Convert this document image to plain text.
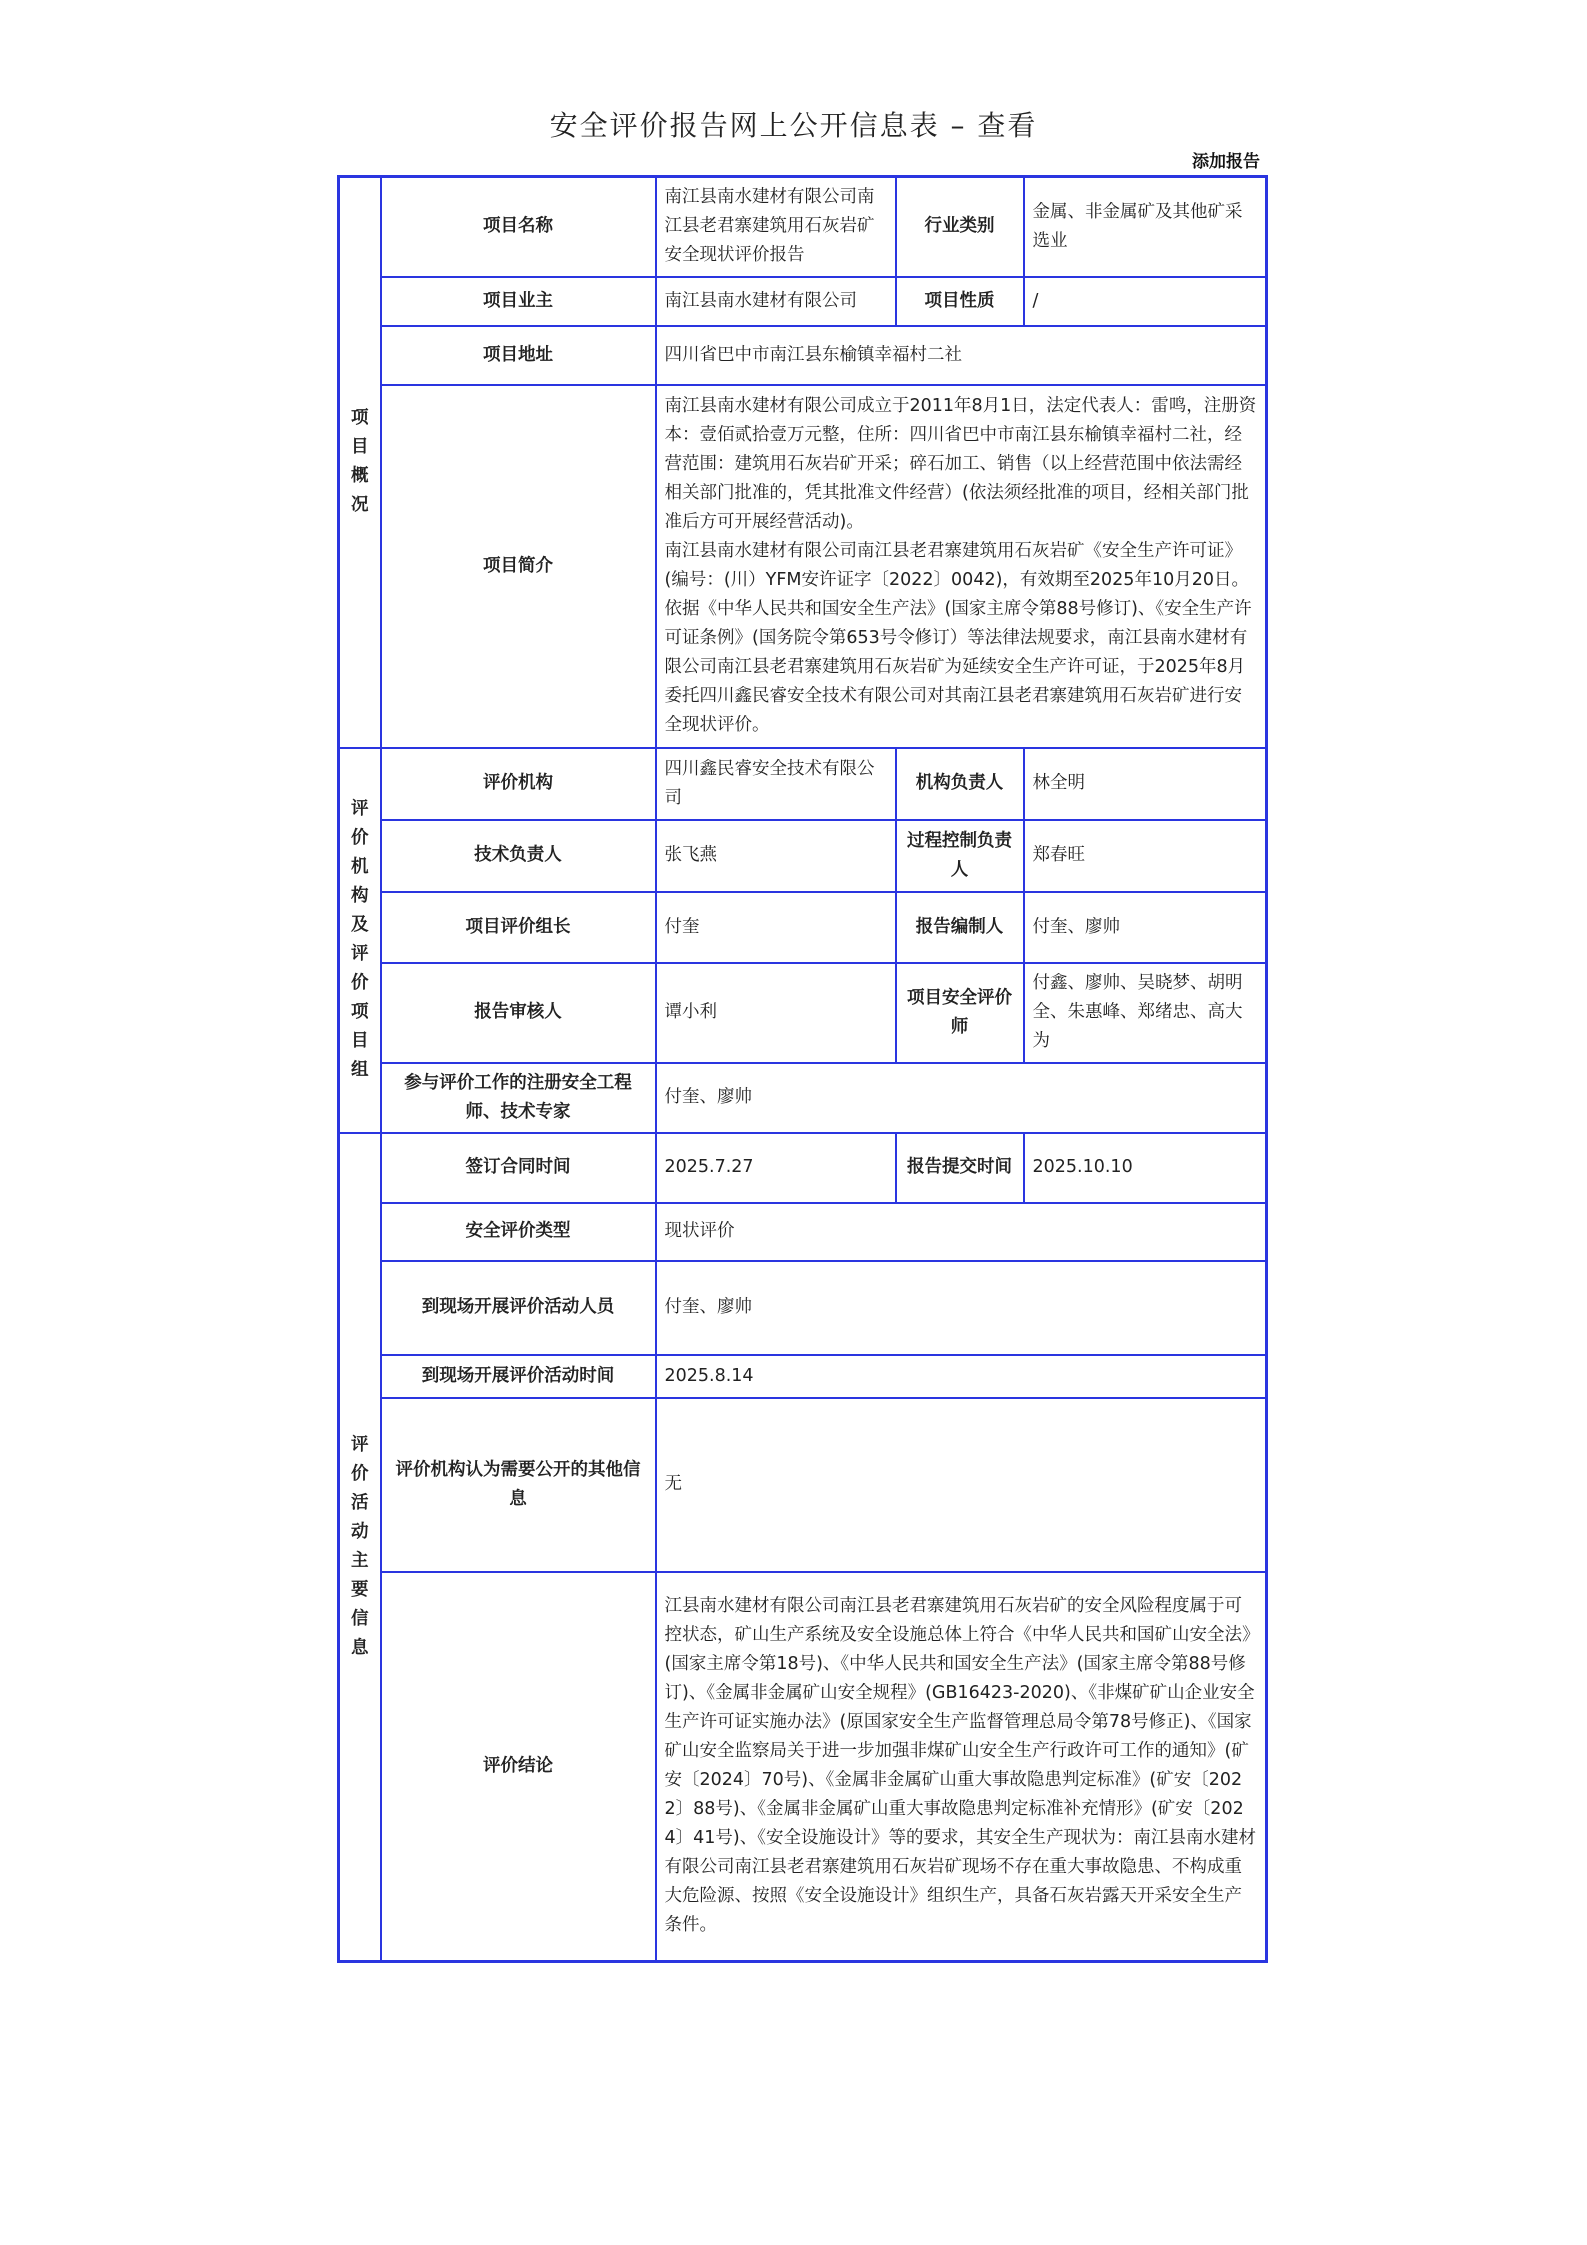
安全评价报告网上公开信息表 – 查看
添加报告
项目概况	项目名称	南江县南水建材有限公司南江县老君寨建筑用石灰岩矿安全现状评价报告	行业类别	金属、非金属矿及其他矿采选业
	项目业主	南江县南水建材有限公司	项目性质	/
	项目地址	四川省巴中市南江县东榆镇幸福村二社		
	项目简介	南江县南水建材有限公司成立于2011年8月1日，法定代表人：雷鸣，注册资本：壹佰贰拾壹万元整，住所：四川省巴中市南江县东榆镇幸福村二社，经营范围：建筑用石灰岩矿开采；碎石加工、销售（以上经营范围中依法需经相关部门批准的，凭其批准文件经营）(依法须经批准的项目，经相关部门批准后方可开展经营活动)。
南江县南水建材有限公司南江县老君寨建筑用石灰岩矿《安全生产许可证》(编号：(川）YFM安许证字〔2022〕0042)，有效期至2025年10月20日。依据《中华人民共和国安全生产法》(国家主席令第88号修订)、《安全生产许可证条例》(国务院令第653号令修订）等法律法规要求，南江县南水建材有限公司南江县老君寨建筑用石灰岩矿为延续安全生产许可证，于2025年8月委托四川鑫民睿安全技术有限公司对其南江县老君寨建筑用石灰岩矿进行安全现状评价。		

评价机构及评价项目组	评价机构	四川鑫民睿安全技术有限公司	机构负责人	林全明
	技术负责人	张飞燕	过程控制负责人	郑春旺
	项目评价组长	付奎	报告编制人	付奎、廖帅
	报告审核人	谭小利	项目安全评价师	付鑫、廖帅、吴晓梦、胡明全、朱惠峰、郑绪忠、高大为
	参与评价工作的注册安全工程师、技术专家	付奎、廖帅		

评价活动主要信息	签订合同时间	2025.7.27	报告提交时间	2025.10.10
	安全评价类型	现状评价		
	到现场开展评价活动人员	付奎、廖帅		
	到现场开展评价活动时间	2025.8.14		
	评价机构认为需要公开的其他信息	无		
	评价结论	江县南水建材有限公司南江县老君寨建筑用石灰岩矿的安全风险程度属于可控状态，矿山生产系统及安全设施总体上符合《中华人民共和国矿山安全法》(国家主席令第18号)、《中华人民共和国安全生产法》(国家主席令第88号修订)、《金属非金属矿山安全规程》(GB16423-2020)、《非煤矿矿山企业安全生产许可证实施办法》(原国家安全生产监督管理总局令第78号修正)、《国家矿山安全监察局关于进一步加强非煤矿山安全生产行政许可工作的通知》(矿安〔2024〕70号)、《金属非金属矿山重大事故隐患判定标准》(矿安〔2022〕88号)、《金属非金属矿山重大事故隐患判定标准补充情形》(矿安〔2024〕41号)、《安全设施设计》等的要求，其安全生产现状为：南江县南水建材有限公司南江县老君寨建筑用石灰岩矿现场不存在重大事故隐患、不构成重大危险源、按照《安全设施设计》组织生产，具备石灰岩露天开采安全生产条件。		
